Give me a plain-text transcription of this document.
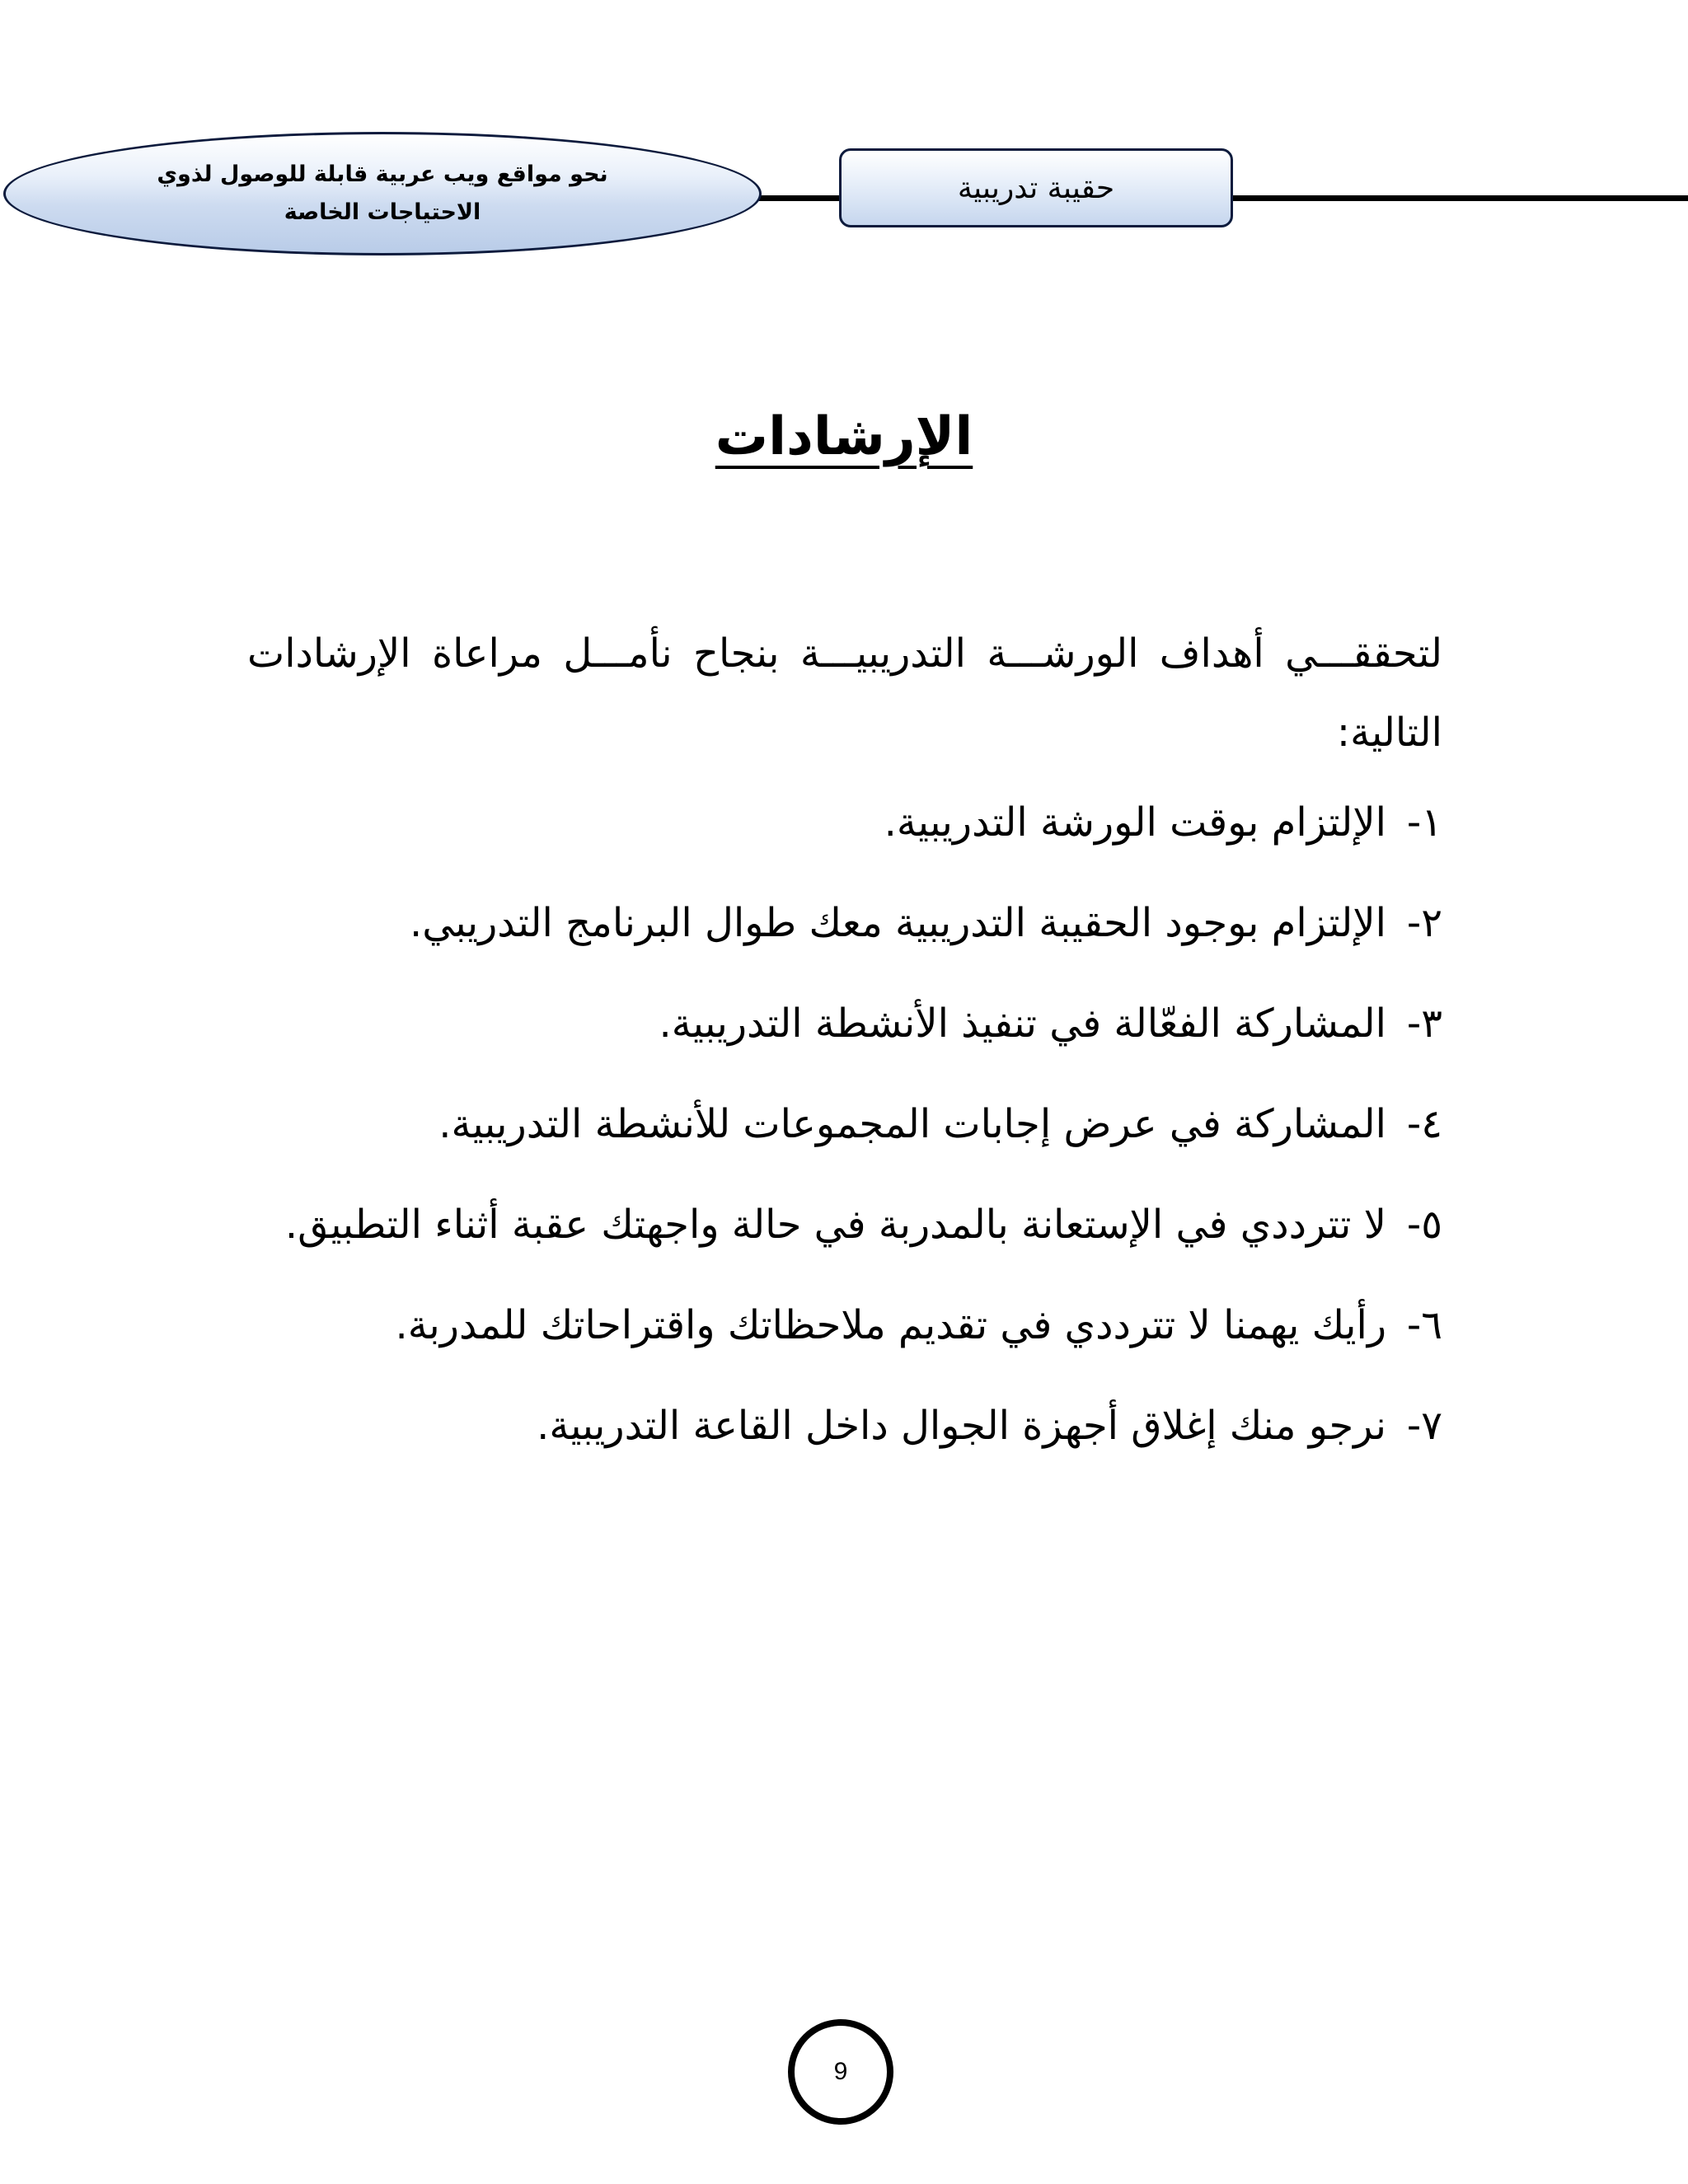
نحو مواقع ويب عربية قابلة للوصول لذوي
الاحتياجات الخاصة
حقيبة تدريبية
الإرشادات

لتحققـــي أهداف الورشـــة التدريبيـــة بنجاح نأمـــل مراعاة الإرشادات التالية:

١-الإلتزام بوقت الورشة التدريبية.
٢-الإلتزام بوجود الحقيبة التدريبية معك طوال البرنامج التدريبي.
٣-المشاركة الفعّالة في تنفيذ الأنشطة التدريبية.
٤-المشاركة في عرض إجابات المجموعات للأنشطة التدريبية.
٥-لا تترددي في الإستعانة بالمدربة في حالة واجهتك عقبة أثناء التطبيق.
٦-رأيك يهمنا لا تترددي في تقديم ملاحظاتك واقتراحاتك للمدربة.
٧-نرجو منك إغلاق أجهزة الجوال داخل القاعة التدريبية.
9
